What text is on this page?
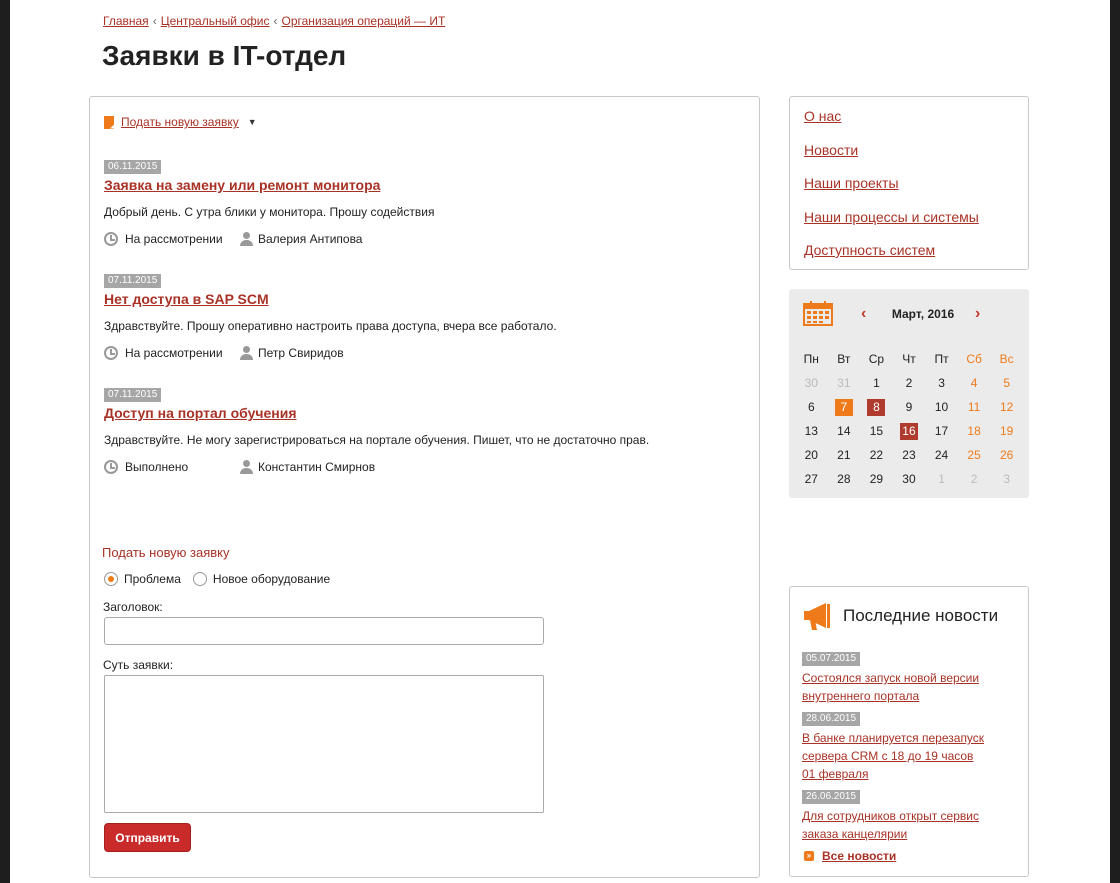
Главная ‹ Центральный офис ‹ Организация операций — ИТ
Заявки в IT-отдел
Подать новую заявку ▼
06.11.2015
Заявка на замену или ремонт монитора
Добрый день. С утра блики у монитора. Прошу содействия
На рассмотрении	Валерия Антипова
07.11.2015
Нет доступа в SAP SCM
Здравствуйте. Прошу оперативно настроить права доступа, вчера все работало.
На рассмотрении	Петр Свиридов
07.11.2015
Доступ на портал обучения
Здравствуйте. Не могу зарегистрироваться на портале обучения. Пишет, что не достаточно прав.
Выполнено	Константин Смирнов
Подать новую заявку
Проблема	Новое оборудование
Заголовок:
Суть заявки:
Отправить
О нас
Новости
Наши проекты
Наши процессы и системы
Доступность систем
‹	Март, 2016	›
Пн	Вт	Ср	Чт	Пт	Сб	Вс
30	31	1	2	3	4	5
6	7	8	9	10	11	12
13	14	15	16	17	18	19
20	21	22	23	24	25	26
27	28	29	30	1	2	3
Последние новости
05.07.2015
Состоялся запуск новой версии
внутреннего портала
28.06.2015
В банке планируется перезапуск
сервера CRM с 18 до 19 часов
01 февраля
26.06.2015
Для сотрудников открыт сервис
заказа канцелярии
» Все новости
